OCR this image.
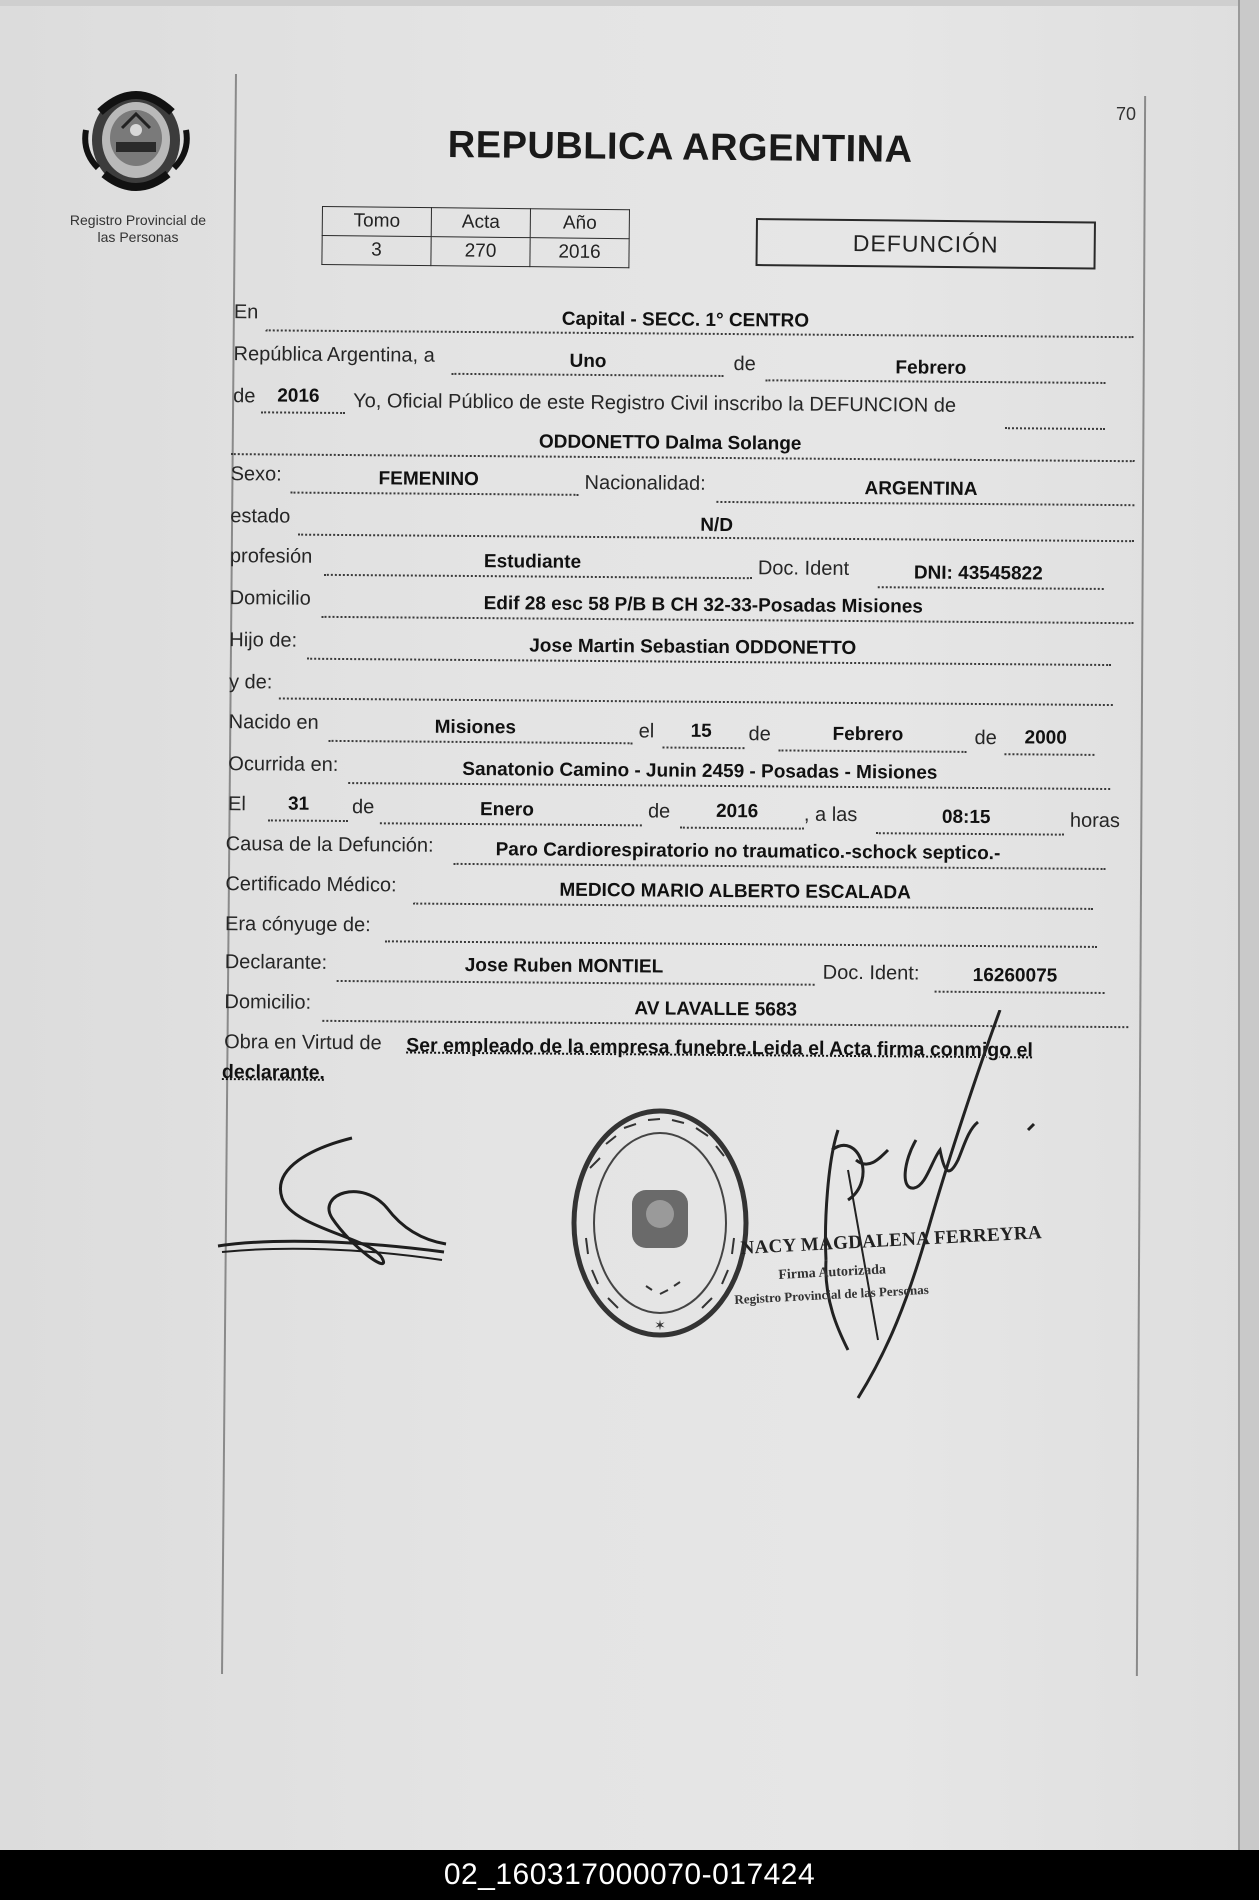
Registro Provincial de
las Personas
70
REPUBLICA ARGENTINA
Tomo	Acta	Año
3	270	2016	DEFUNCIÓN
En	Capital - SECC. 1° CENTRO
República Argentina, a	Uno	de	Febrero
de 2016 Yo, Oficial Público de este Registro Civil inscribo la DEFUNCION de
ODDONETTO Dalma Solange
Sexo:	FEMENINO	Nacionalidad:	ARGENTINA
estado	N/D
profesión	Estudiante	Doc. Ident	DNI: 43545822
Domicilio	Edif 28 esc 58 P/B B CH 32-33-Posadas Misiones
Hijo de:	Jose Martin Sebastian ODDONETTO
y de:
Nacido en	Misiones	el 15 de	Febrero	de 2000
Ocurrida en:	Sanatonio Camino - Junin 2459 - Posadas - Misiones
El 31 de	Enero	de 2016 , a las	08:15	horas
Causa de la Defunción:	Paro Cardiorespiratorio no traumatico.-schock septico.-
Certificado Médico:	MEDICO MARIO ALBERTO ESCALADA
Era cónyuge de:
Declarante:	Jose Ruben MONTIEL	Doc. Ident:	16260075
Domicilio:	AV LAVALLE 5683
Obra en Virtud de Ser empleado de la empresa funebre.Leida el Acta firma conmigo el
declarante.
✶
NACY MAGDALENA FERREYRA
Firma Autorizada
Registro Provincial de las Personas
02_160317000070-017424
